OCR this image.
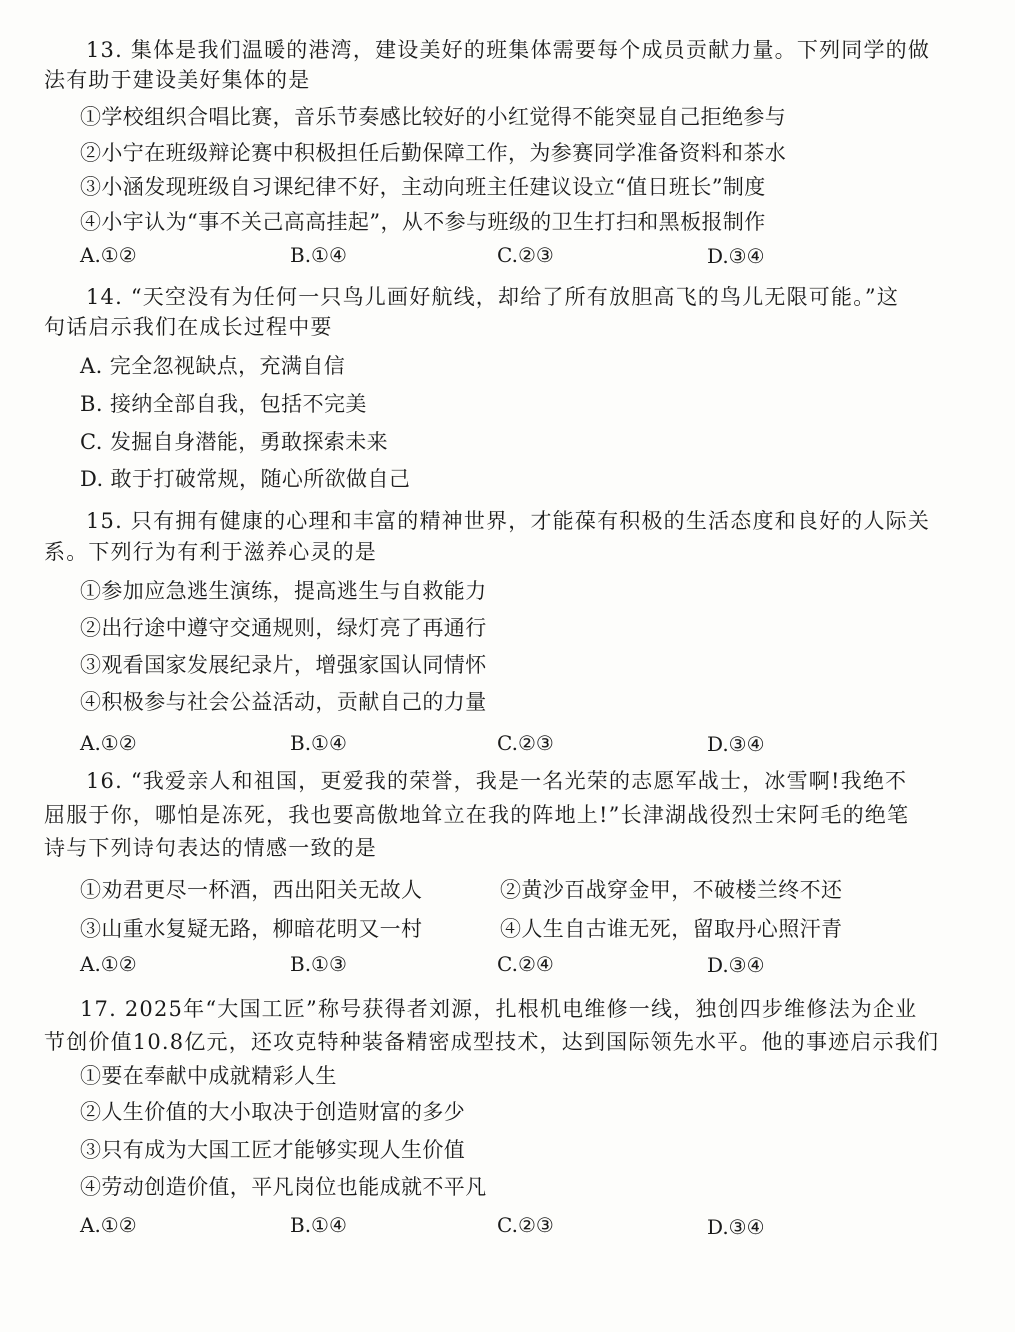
13. 集体是我们温暖的港湾，建设美好的班集体需要每个成员贡献力量。下列同学的做
法有助于建设美好集体的是
①学校组织合唱比赛，音乐节奏感比较好的小红觉得不能突显自己拒绝参与
②小宁在班级辩论赛中积极担任后勤保障工作，为参赛同学准备资料和茶水
③小涵发现班级自习课纪律不好，主动向班主任建议设立“值日班长”制度
④小宇认为“事不关己高高挂起”，从不参与班级的卫生打扫和黑板报制作
A.①②	B.①④	C.②③	D.③④
14. “天空没有为任何一只鸟儿画好航线，却给了所有放胆高飞的鸟儿无限可能。”这
句话启示我们在成长过程中要
A. 完全忽视缺点，充满自信
B. 接纳全部自我，包括不完美
C. 发掘自身潜能，勇敢探索未来
D. 敢于打破常规，随心所欲做自己
15. 只有拥有健康的心理和丰富的精神世界，才能葆有积极的生活态度和良好的人际关
系。下列行为有利于滋养心灵的是
①参加应急逃生演练，提高逃生与自救能力
②出行途中遵守交通规则，绿灯亮了再通行
③观看国家发展纪录片，增强家国认同情怀
④积极参与社会公益活动，贡献自己的力量
A.①②	B.①④	C.②③	D.③④
16. “我爱亲人和祖国，更爱我的荣誉，我是一名光荣的志愿军战士，冰雪啊!我绝不
屈服于你，哪怕是冻死，我也要高傲地耸立在我的阵地上!”长津湖战役烈士宋阿毛的绝笔
诗与下列诗句表达的情感一致的是
①劝君更尽一杯酒，西出阳关无故人	②黄沙百战穿金甲，不破楼兰终不还
③山重水复疑无路，柳暗花明又一村	④人生自古谁无死，留取丹心照汗青
A.①②	B.①③	C.②④	D.③④
17. 2025年“大国工匠”称号获得者刘源，扎根机电维修一线，独创四步维修法为企业
节创价值10.8亿元，还攻克特种装备精密成型技术，达到国际领先水平。他的事迹启示我们
①要在奉献中成就精彩人生
②人生价值的大小取决于创造财富的多少
③只有成为大国工匠才能够实现人生价值
④劳动创造价值，平凡岗位也能成就不平凡
A.①②	B.①④	C.②③	D.③④
